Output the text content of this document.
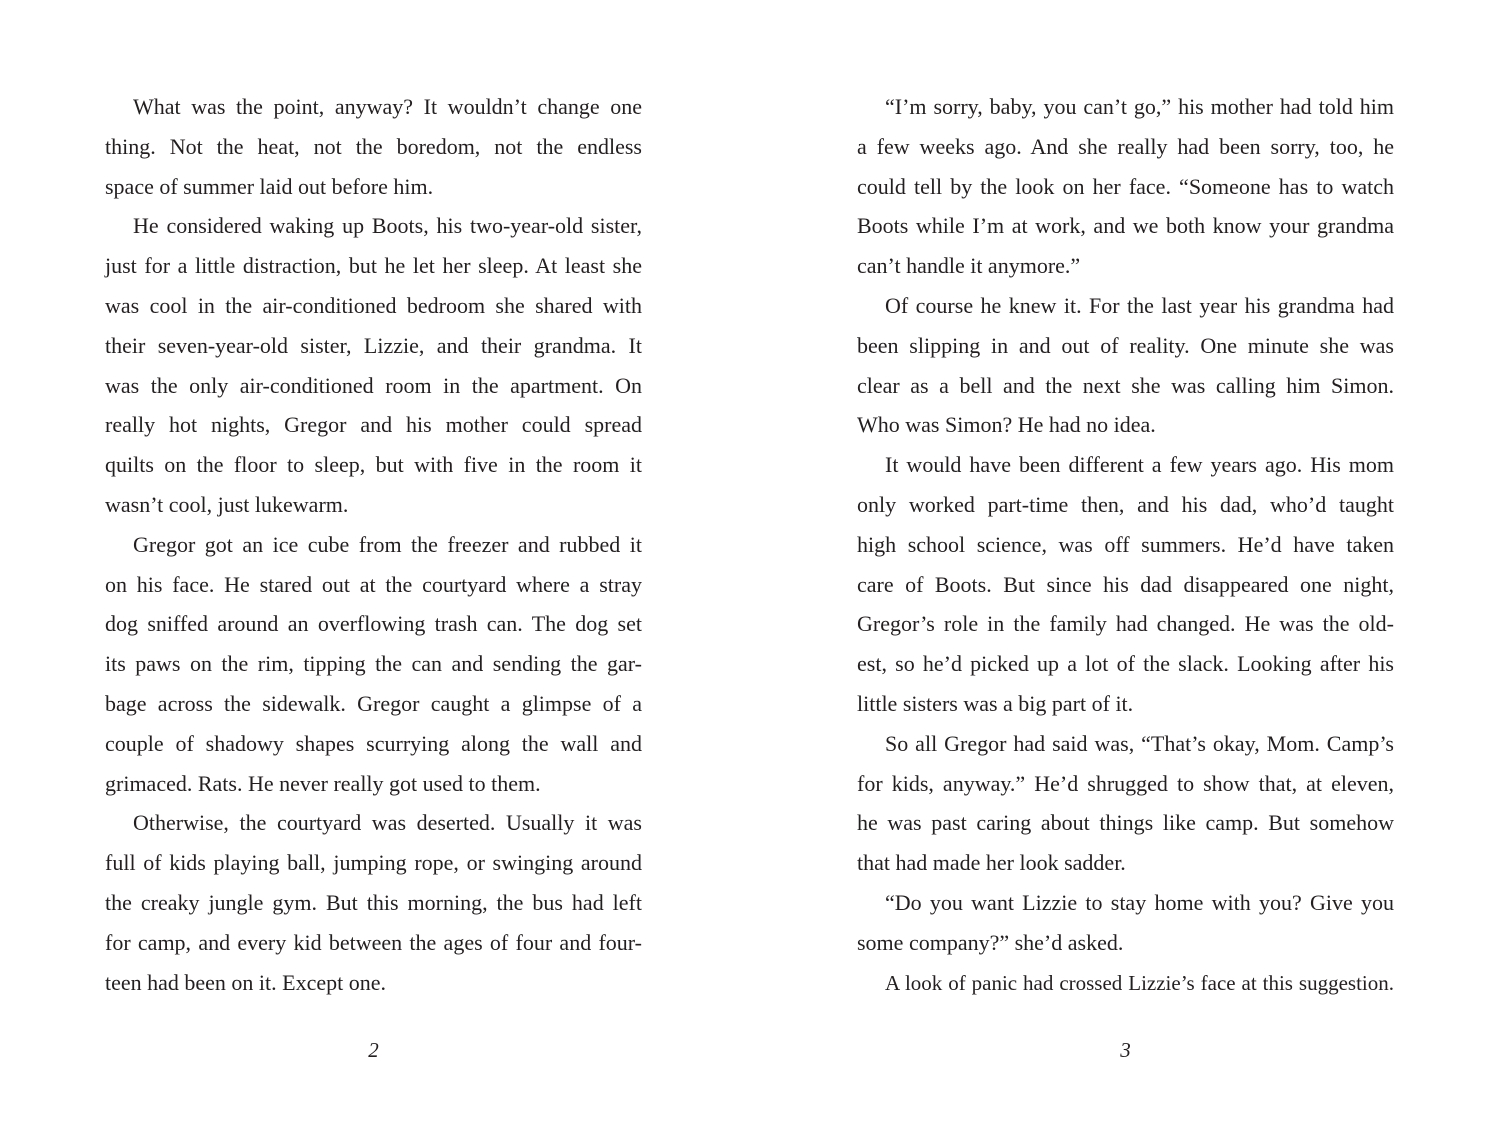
What was the point, anyway? It wouldn’t change one
thing. Not the heat, not the boredom, not the endless
space of summer laid out before him.
He considered waking up Boots, his two-year-old sister,
just for a little distraction, but he let her sleep. At least she
was cool in the air-conditioned bedroom she shared with
their seven-year-old sister, Lizzie, and their grandma. It
was the only air-conditioned room in the apartment. On
really hot nights, Gregor and his mother could spread
quilts on the floor to sleep, but with five in the room it
wasn’t cool, just lukewarm.
Gregor got an ice cube from the freezer and rubbed it
on his face. He stared out at the courtyard where a stray
dog sniffed around an overflowing trash can. The dog set
its paws on the rim, tipping the can and sending the gar-
bage across the sidewalk. Gregor caught a glimpse of a
couple of shadowy shapes scurrying along the wall and
grimaced. Rats. He never really got used to them.
Otherwise, the courtyard was deserted. Usually it was
full of kids playing ball, jumping rope, or swinging around
the creaky jungle gym. But this morning, the bus had left
for camp, and every kid between the ages of four and four-
teen had been on it. Except one.
2
“I’m sorry, baby, you can’t go,” his mother had told him
a few weeks ago. And she really had been sorry, too, he
could tell by the look on her face. “Someone has to watch
Boots while I’m at work, and we both know your grandma
can’t handle it anymore.”
Of course he knew it. For the last year his grandma had
been slipping in and out of reality. One minute she was
clear as a bell and the next she was calling him Simon.
Who was Simon? He had no idea.
It would have been different a few years ago. His mom
only worked part-time then, and his dad, who’d taught
high school science, was off summers. He’d have taken
care of Boots. But since his dad disappeared one night,
Gregor’s role in the family had changed. He was the old-
est, so he’d picked up a lot of the slack. Looking after his
little sisters was a big part of it.
So all Gregor had said was, “That’s okay, Mom. Camp’s
for kids, anyway.” He’d shrugged to show that, at eleven,
he was past caring about things like camp. But somehow
that had made her look sadder.
“Do you want Lizzie to stay home with you? Give you
some company?” she’d asked.
A look of panic had crossed Lizzie’s face at this suggestion.
3
